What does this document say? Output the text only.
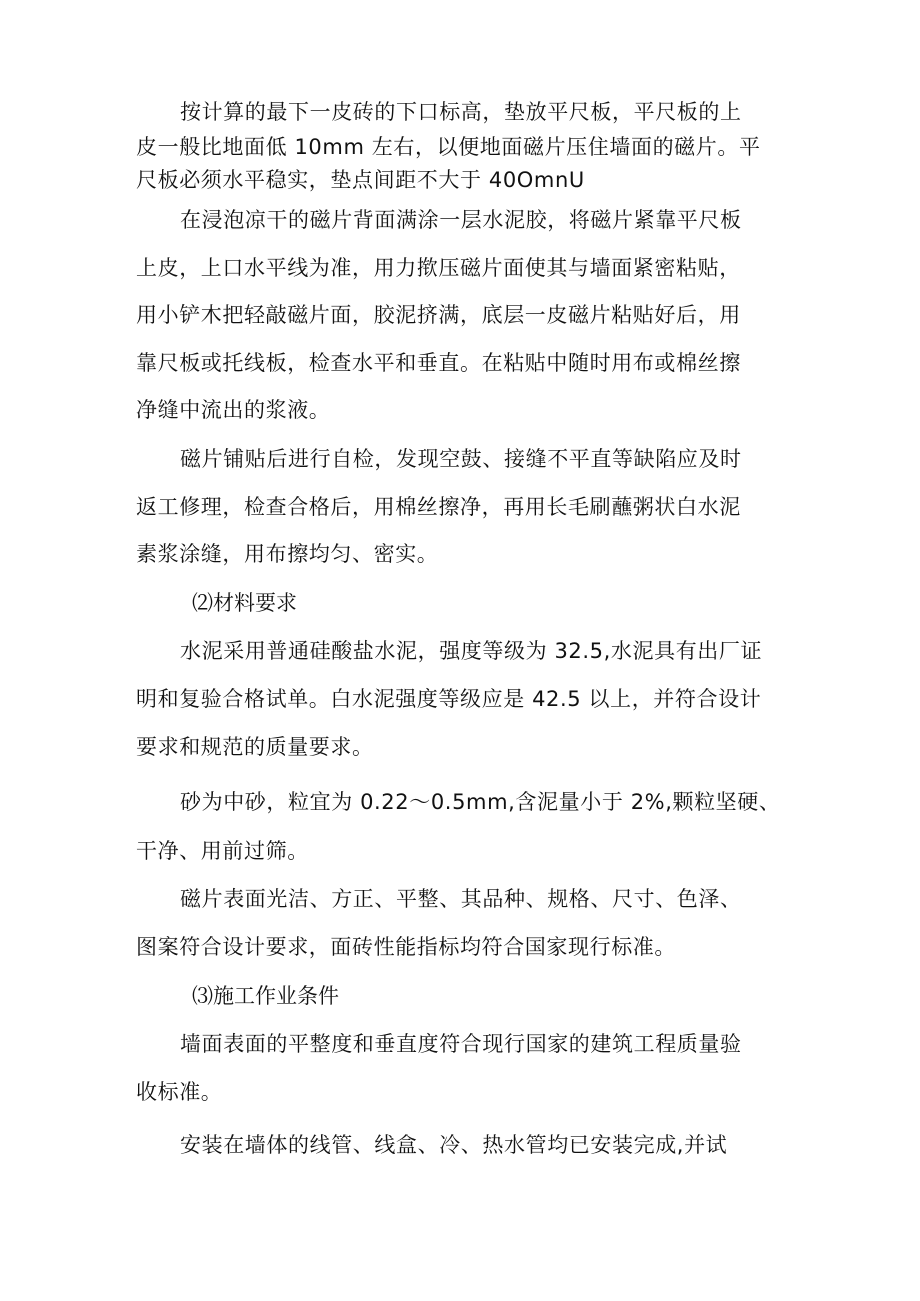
按计算的最下一皮砖的下口标高，垫放平尺板，平尺板的上
皮一般比地面低 10mm 左右，以便地面磁片压住墙面的磁片。平
尺板必须水平稳实，垫点间距不大于 40OmnU
在浸泡凉干的磁片背面满涂一层水泥胶，将磁片紧靠平尺板
上皮，上口水平线为准，用力揿压磁片面使其与墙面紧密粘贴，
用小铲木把轻敲磁片面，胶泥挤满，底层一皮磁片粘贴好后，用
靠尺板或托线板，检查水平和垂直。在粘贴中随时用布或棉丝擦
净缝中流出的浆液。
磁片铺贴后进行自检，发现空鼓、接缝不平直等缺陷应及时
返工修理，检查合格后，用棉丝擦净，再用长毛刷蘸粥状白水泥
素浆涂缝，用布擦均匀、密实。
⑵材料要求
水泥采用普通硅酸盐水泥，强度等级为 32.5,水泥具有出厂证
明和复验合格试单。白水泥强度等级应是 42.5 以上，并符合设计
要求和规范的质量要求。
砂为中砂，粒宜为 0.22～0.5mm,含泥量小于 2%,颗粒坚硬、
干净、用前过筛。
磁片表面光洁、方正、平整、其品种、规格、尺寸、色泽、
图案符合设计要求，面砖性能指标均符合国家现行标准。
⑶施工作业条件
墙面表面的平整度和垂直度符合现行国家的建筑工程质量验
收标准。
安装在墙体的线管、线盒、冷、热水管均已安装完成,并试
